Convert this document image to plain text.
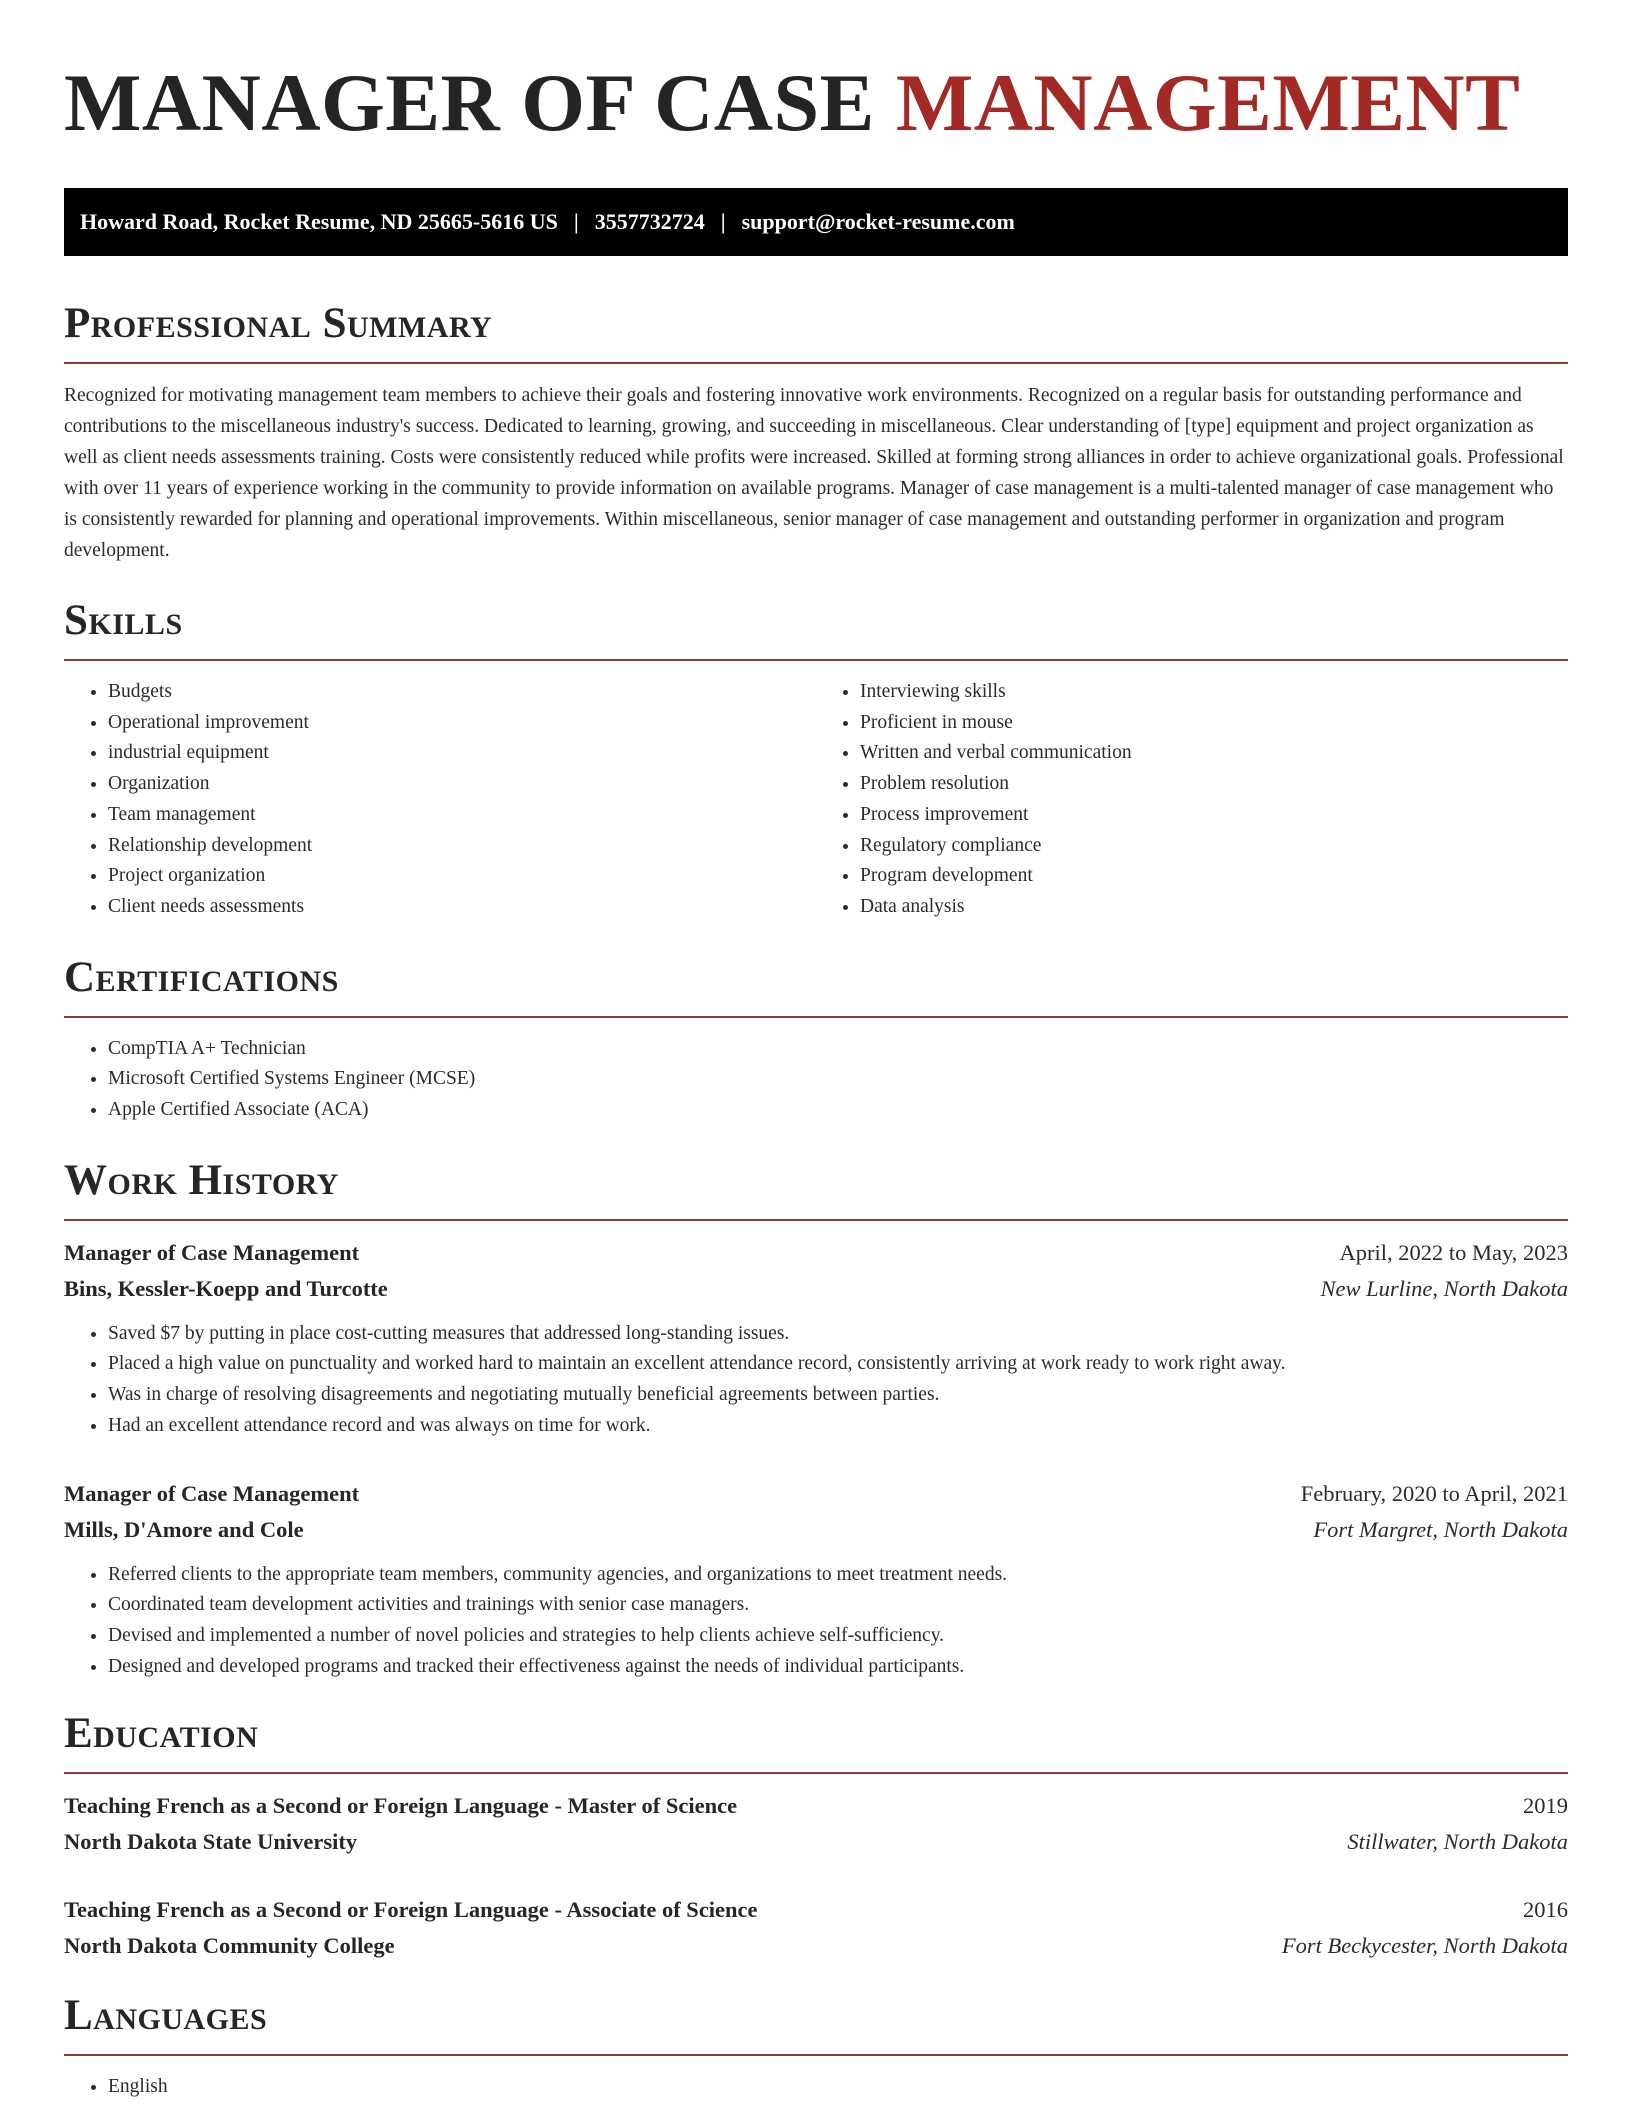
MANAGER OF CASE MANAGEMENT
Howard Road, Rocket Resume, ND 25665-5616 US | 3557732724 | support@rocket-resume.com
Professional Summary

Recognized for motivating management team members to achieve their goals and fostering innovative work environments. Recognized on a regular basis for outstanding performance and contributions to the miscellaneous industry's success. Dedicated to learning, growing, and succeeding in miscellaneous. Clear understanding of [type] equipment and project organization as well as client needs assessments training. Costs were consistently reduced while profits were increased. Skilled at forming strong alliances in order to achieve organizational goals. Professional with over 11 years of experience working in the community to provide information on available programs. Manager of case management is a multi-talented manager of case management who is consistently rewarded for planning and operational improvements. Within miscellaneous, senior manager of case management and outstanding performer in organization and program development.

Skills
• Budgets
• Operational improvement
• industrial equipment
• Organization
• Team management
• Relationship development
• Project organization
• Client needs assessments
• Interviewing skills
• Proficient in mouse
• Written and verbal communication
• Problem resolution
• Process improvement
• Regulatory compliance
• Program development
• Data analysis
Certifications
• CompTIA A+ Technician
• Microsoft Certified Systems Engineer (MCSE)
• Apple Certified Associate (ACA)
Work History
Manager of Case Management	April, 2022 to May, 2023
Bins, Kessler-Koepp and Turcotte	New Lurline, North Dakota
• Saved $7 by putting in place cost-cutting measures that addressed long-standing issues.
• Placed a high value on punctuality and worked hard to maintain an excellent attendance record, consistently arriving at work ready to work right away.
• Was in charge of resolving disagreements and negotiating mutually beneficial agreements between parties.
• Had an excellent attendance record and was always on time for work.
Manager of Case Management	February, 2020 to April, 2021
Mills, D'Amore and Cole	Fort Margret, North Dakota
• Referred clients to the appropriate team members, community agencies, and organizations to meet treatment needs.
• Coordinated team development activities and trainings with senior case managers.
• Devised and implemented a number of novel policies and strategies to help clients achieve self-sufficiency.
• Designed and developed programs and tracked their effectiveness against the needs of individual participants.
Education
Teaching French as a Second or Foreign Language - Master of Science	2019
North Dakota State University	Stillwater, North Dakota
Teaching French as a Second or Foreign Language - Associate of Science	2016
North Dakota Community College	Fort Beckycester, North Dakota
Languages
• English
